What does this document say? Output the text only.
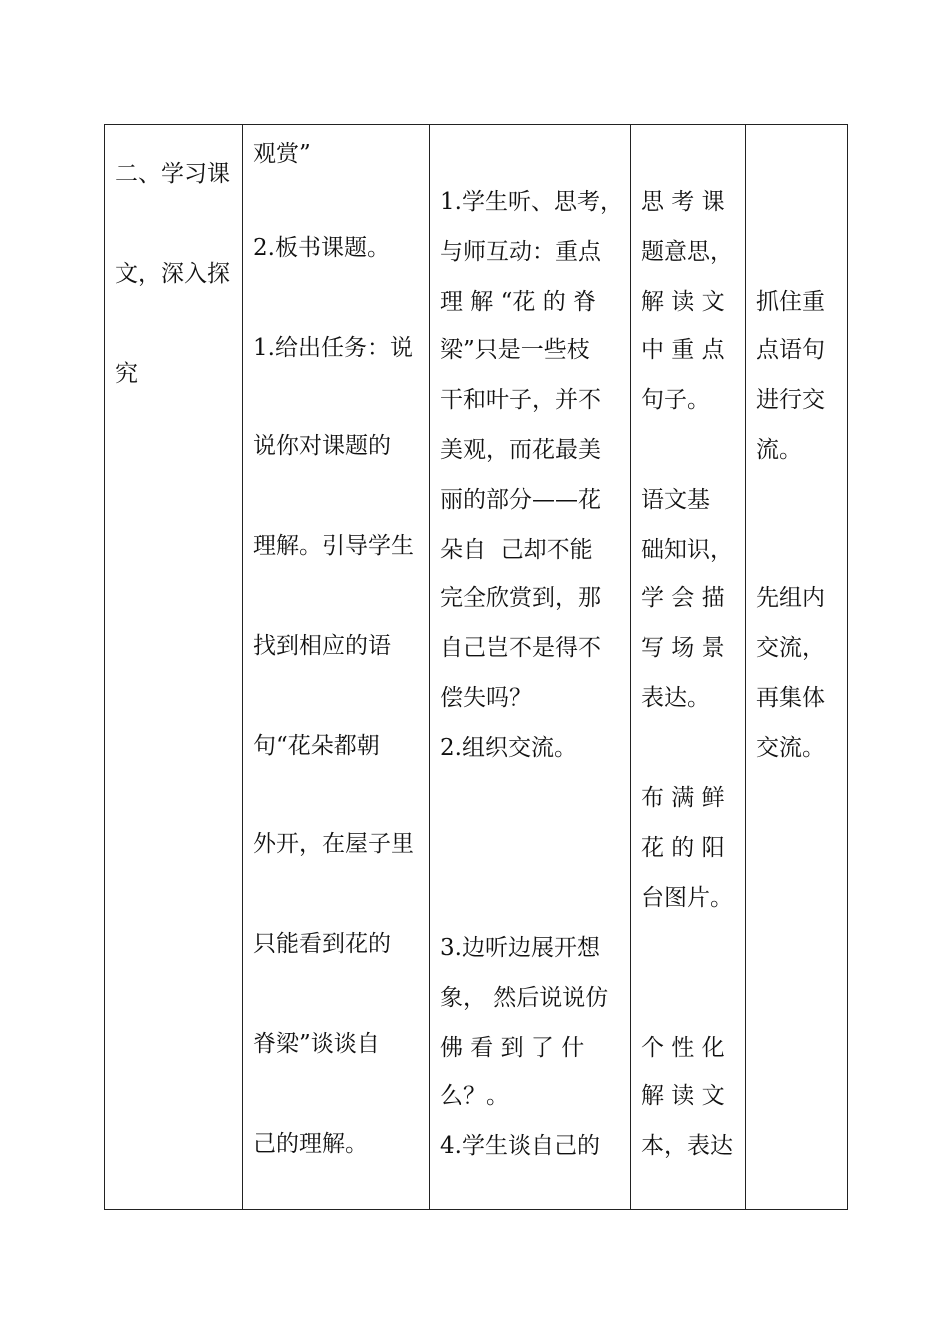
二、学习课
文，深入探
究
观赏”
2.板书课题。
1.给出任务：说
说你对课题的
理解。引导学生
找到相应的语
句“花朵都朝
外开，在屋子里
只能看到花的
脊梁”谈谈自
己的理解。
1.学生听、思考，
与师互动：重点
理 解 “花 的 脊
梁”只是一些枝
干和叶子，并不
美观，而花最美
丽的部分——花
朵自  己却不能
完全欣赏到，那
自己岂不是得不
偿失吗？
2.组织交流。
3.边听边展开想
象， 然后说说仿
佛 看 到 了 什
么？。
4.学生谈自己的
思 考 课
题意思，
解 读 文
中 重 点
句子。
语文基
础知识，
学 会 描
写 场 景
表达。
布 满 鲜
花 的 阳
台图片。
个 性 化
解 读 文
本，表达
抓住重
点语句
进行交
流。
先组内
交流，
再集体
交流。
